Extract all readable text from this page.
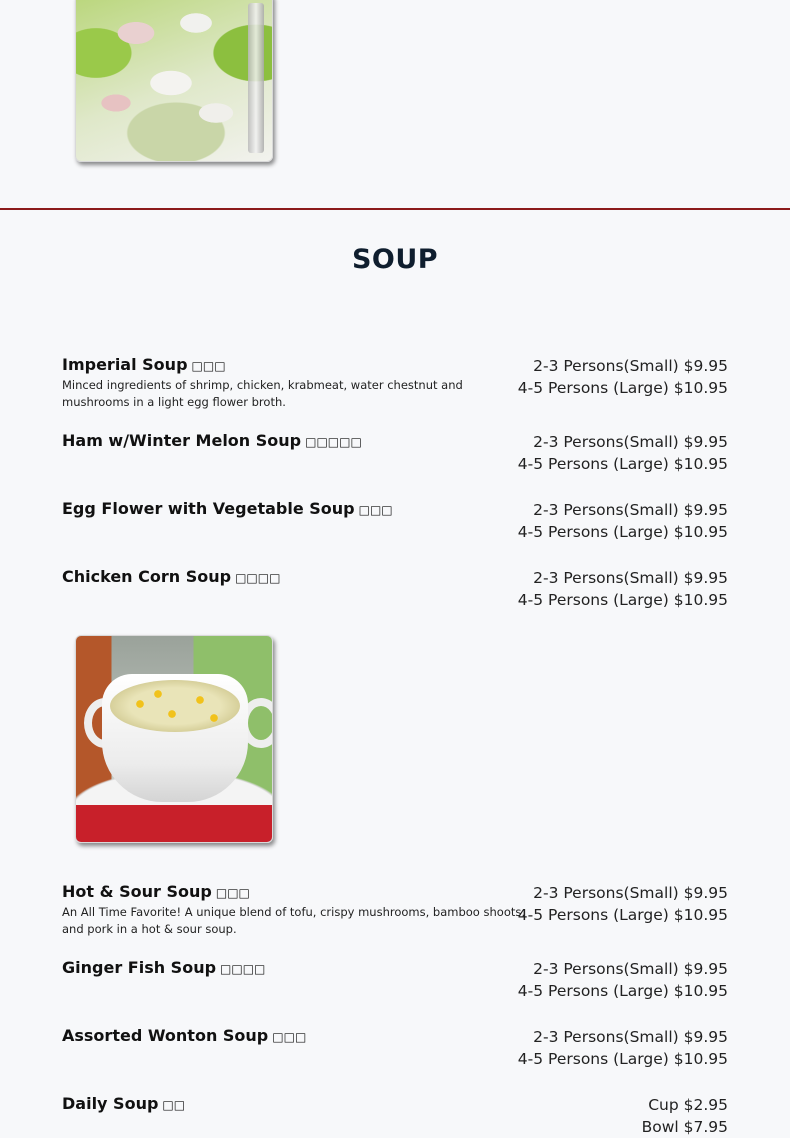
SOUP
Imperial Soup □□□
Minced ingredients of shrimp, chicken, krabmeat, water chestnut and mushrooms in a light egg flower broth.
2-3 Persons(Small) $9.95
4-5 Persons (Large) $10.95
Ham w/Winter Melon Soup □□□□□	2-3 Persons(Small) $9.95
4-5 Persons (Large) $10.95
Egg Flower with Vegetable Soup □□□	2-3 Persons(Small) $9.95
4-5 Persons (Large) $10.95
Chicken Corn Soup □□□□	2-3 Persons(Small) $9.95
4-5 Persons (Large) $10.95
Hot & Sour Soup □□□
An All Time Favorite! A unique blend of tofu, crispy mushrooms, bamboo shoots, and pork in a hot & sour soup.
2-3 Persons(Small) $9.95
4-5 Persons (Large) $10.95
Ginger Fish Soup □□□□	2-3 Persons(Small) $9.95
4-5 Persons (Large) $10.95
Assorted Wonton Soup □□□	2-3 Persons(Small) $9.95
4-5 Persons (Large) $10.95
Daily Soup □□	Cup $2.95
Bowl $7.95
